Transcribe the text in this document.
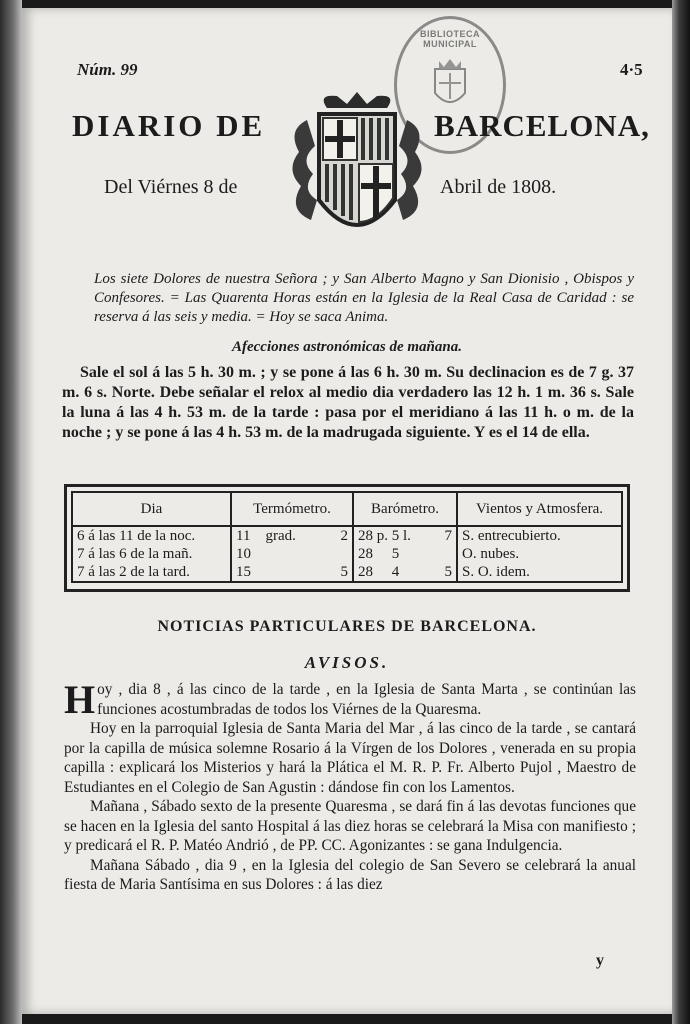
Núm. 99	4·5
BIBLIOTECA MUNICIPAL
DIARIO DE	BARCELONA,
Del Viérnes 8 de	Abril de 1808.
Los siete Dolores de nuestra Señora ; y San Alberto Magno y San Dionisio , Obispos y Confesores. = Las Quarenta Horas están en la Iglesia de la Real Casa de Caridad : se reserva á las seis y media. = Hoy se saca Anima.
Afecciones astronómicas de mañana.
Sale el sol á las 5 h. 30 m. ; y se pone á las 6 h. 30 m. Su declinacion es de 7 g. 37 m. 6 s. Norte. Debe señalar el relox al medio dia verdadero las 12 h. 1 m. 36 s. Sale la luna á las 4 h. 53 m. de la tarde : pasa por el meridiano á las 11 h. o m. de la noche ; y se pone á las 4 h. 53 m. de la madrugada siguiente. Y es el 14 de ella.
Dia	Termómetro.	Barómetro.	Vientos y Atmosfera.
6 á las 11 de la noc.	11 grad. 2	28 p. 5 l. 7	S. entrecubierto.
7 á las 6 de la mañ.	10	28 5	O. nubes.
7 á las 2 de la tard.	15 5	28 4 5	S. O. idem.
NOTICIAS PARTICULARES DE BARCELONA.
AVISOS.

Hoy , dia 8 , á las cinco de la tarde , en la Iglesia de Santa Marta , se continúan las funciones acostumbradas de todos los Viérnes de la Quaresma.

Hoy en la parroquial Iglesia de Santa Maria del Mar , á las cinco de la tarde , se cantará por la capilla de música solemne Rosario á la Vírgen de los Dolores , venerada en su propia capilla : explicará los Misterios y hará la Plática el M. R. P. Fr. Alberto Pujol , Maestro de Estudiantes en el Colegio de San Agustin : dándose fin con los Lamentos.

Mañana , Sábado sexto de la presente Quaresma , se dará fin á las devotas funciones que se hacen en la Iglesia del santo Hospital á las diez horas se celebrará la Misa con manifiesto ; y predicará el R. P. Matéo Andrió , de PP. CC. Agonizantes : se gana Indulgencia.

Mañana Sábado , dia 9 , en la Iglesia del colegio de San Severo se celebrará la anual fiesta de Maria Santísima en sus Dolores : á las diez

y
